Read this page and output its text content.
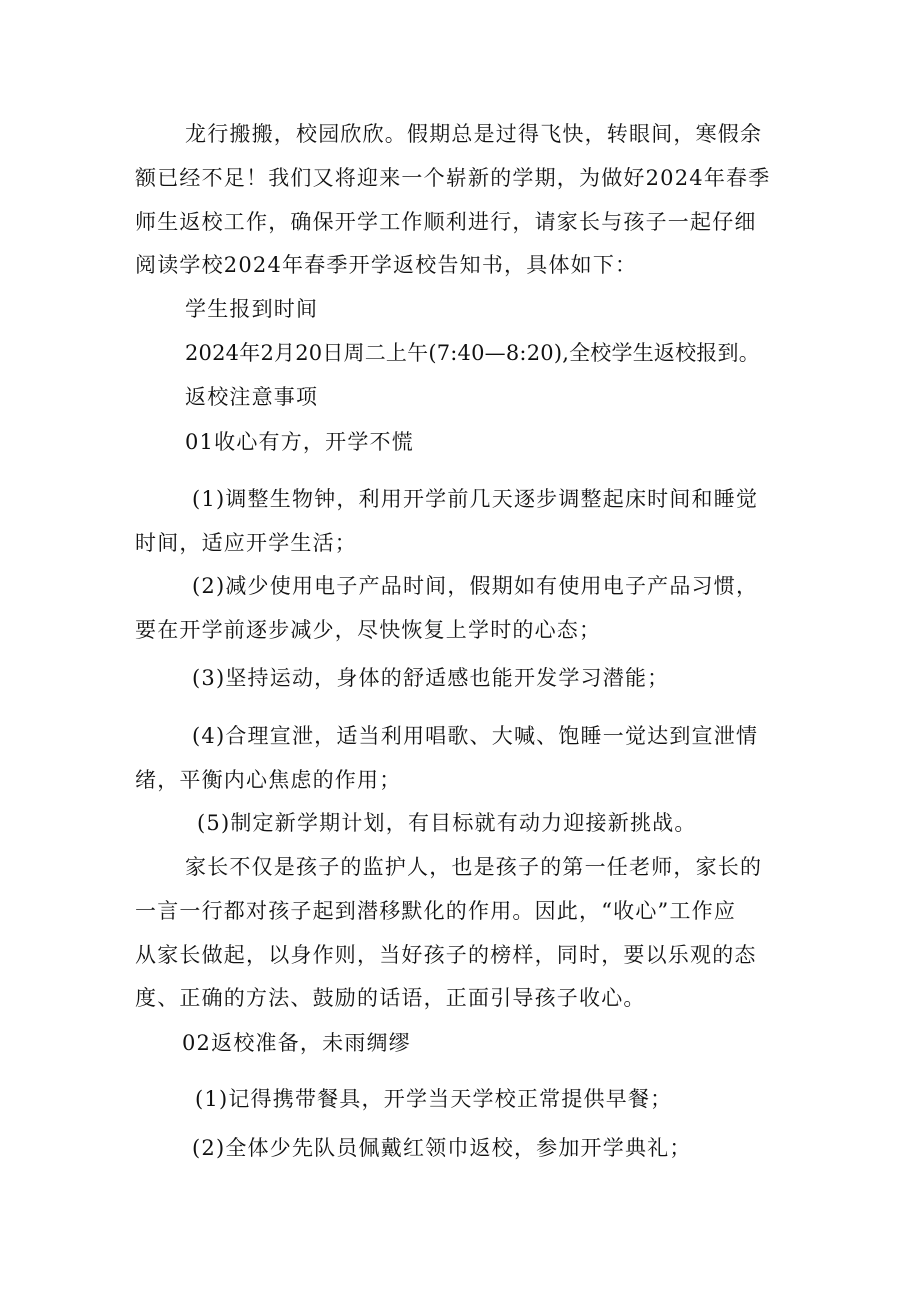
龙行搬搬，校园欣欣。假期总是过得飞快，转眼间，寒假余
额已经不足！我们又将迎来一个崭新的学期，为做好2024年春季
师生返校工作，确保开学工作顺利进行，请家长与孩子一起仔细
阅读学校2024年春季开学返校告知书，具体如下：
学生报到时间
2024年2月20日周二上午(7:40—8:20),全校学生返校报到。
返校注意事项
01收心有方，开学不慌
(1)调整生物钟，利用开学前几天逐步调整起床时间和睡觉
时间，适应开学生活；
(2)减少使用电子产品时间，假期如有使用电子产品习惯，
要在开学前逐步减少，尽快恢复上学时的心态；
(3)坚持运动，身体的舒适感也能开发学习潜能；
(4)合理宣泄，适当利用唱歌、大喊、饱睡一觉达到宣泄情
绪，平衡内心焦虑的作用；
(5)制定新学期计划，有目标就有动力迎接新挑战。
家长不仅是孩子的监护人，也是孩子的第一任老师，家长的
一言一行都对孩子起到潜移默化的作用。因此，“收心”工作应
从家长做起，以身作则，当好孩子的榜样，同时，要以乐观的态
度、正确的方法、鼓励的话语，正面引导孩子收心。
02返校准备，未雨绸缪
(1)记得携带餐具，开学当天学校正常提供早餐；
(2)全体少先队员佩戴红领巾返校，参加开学典礼；
